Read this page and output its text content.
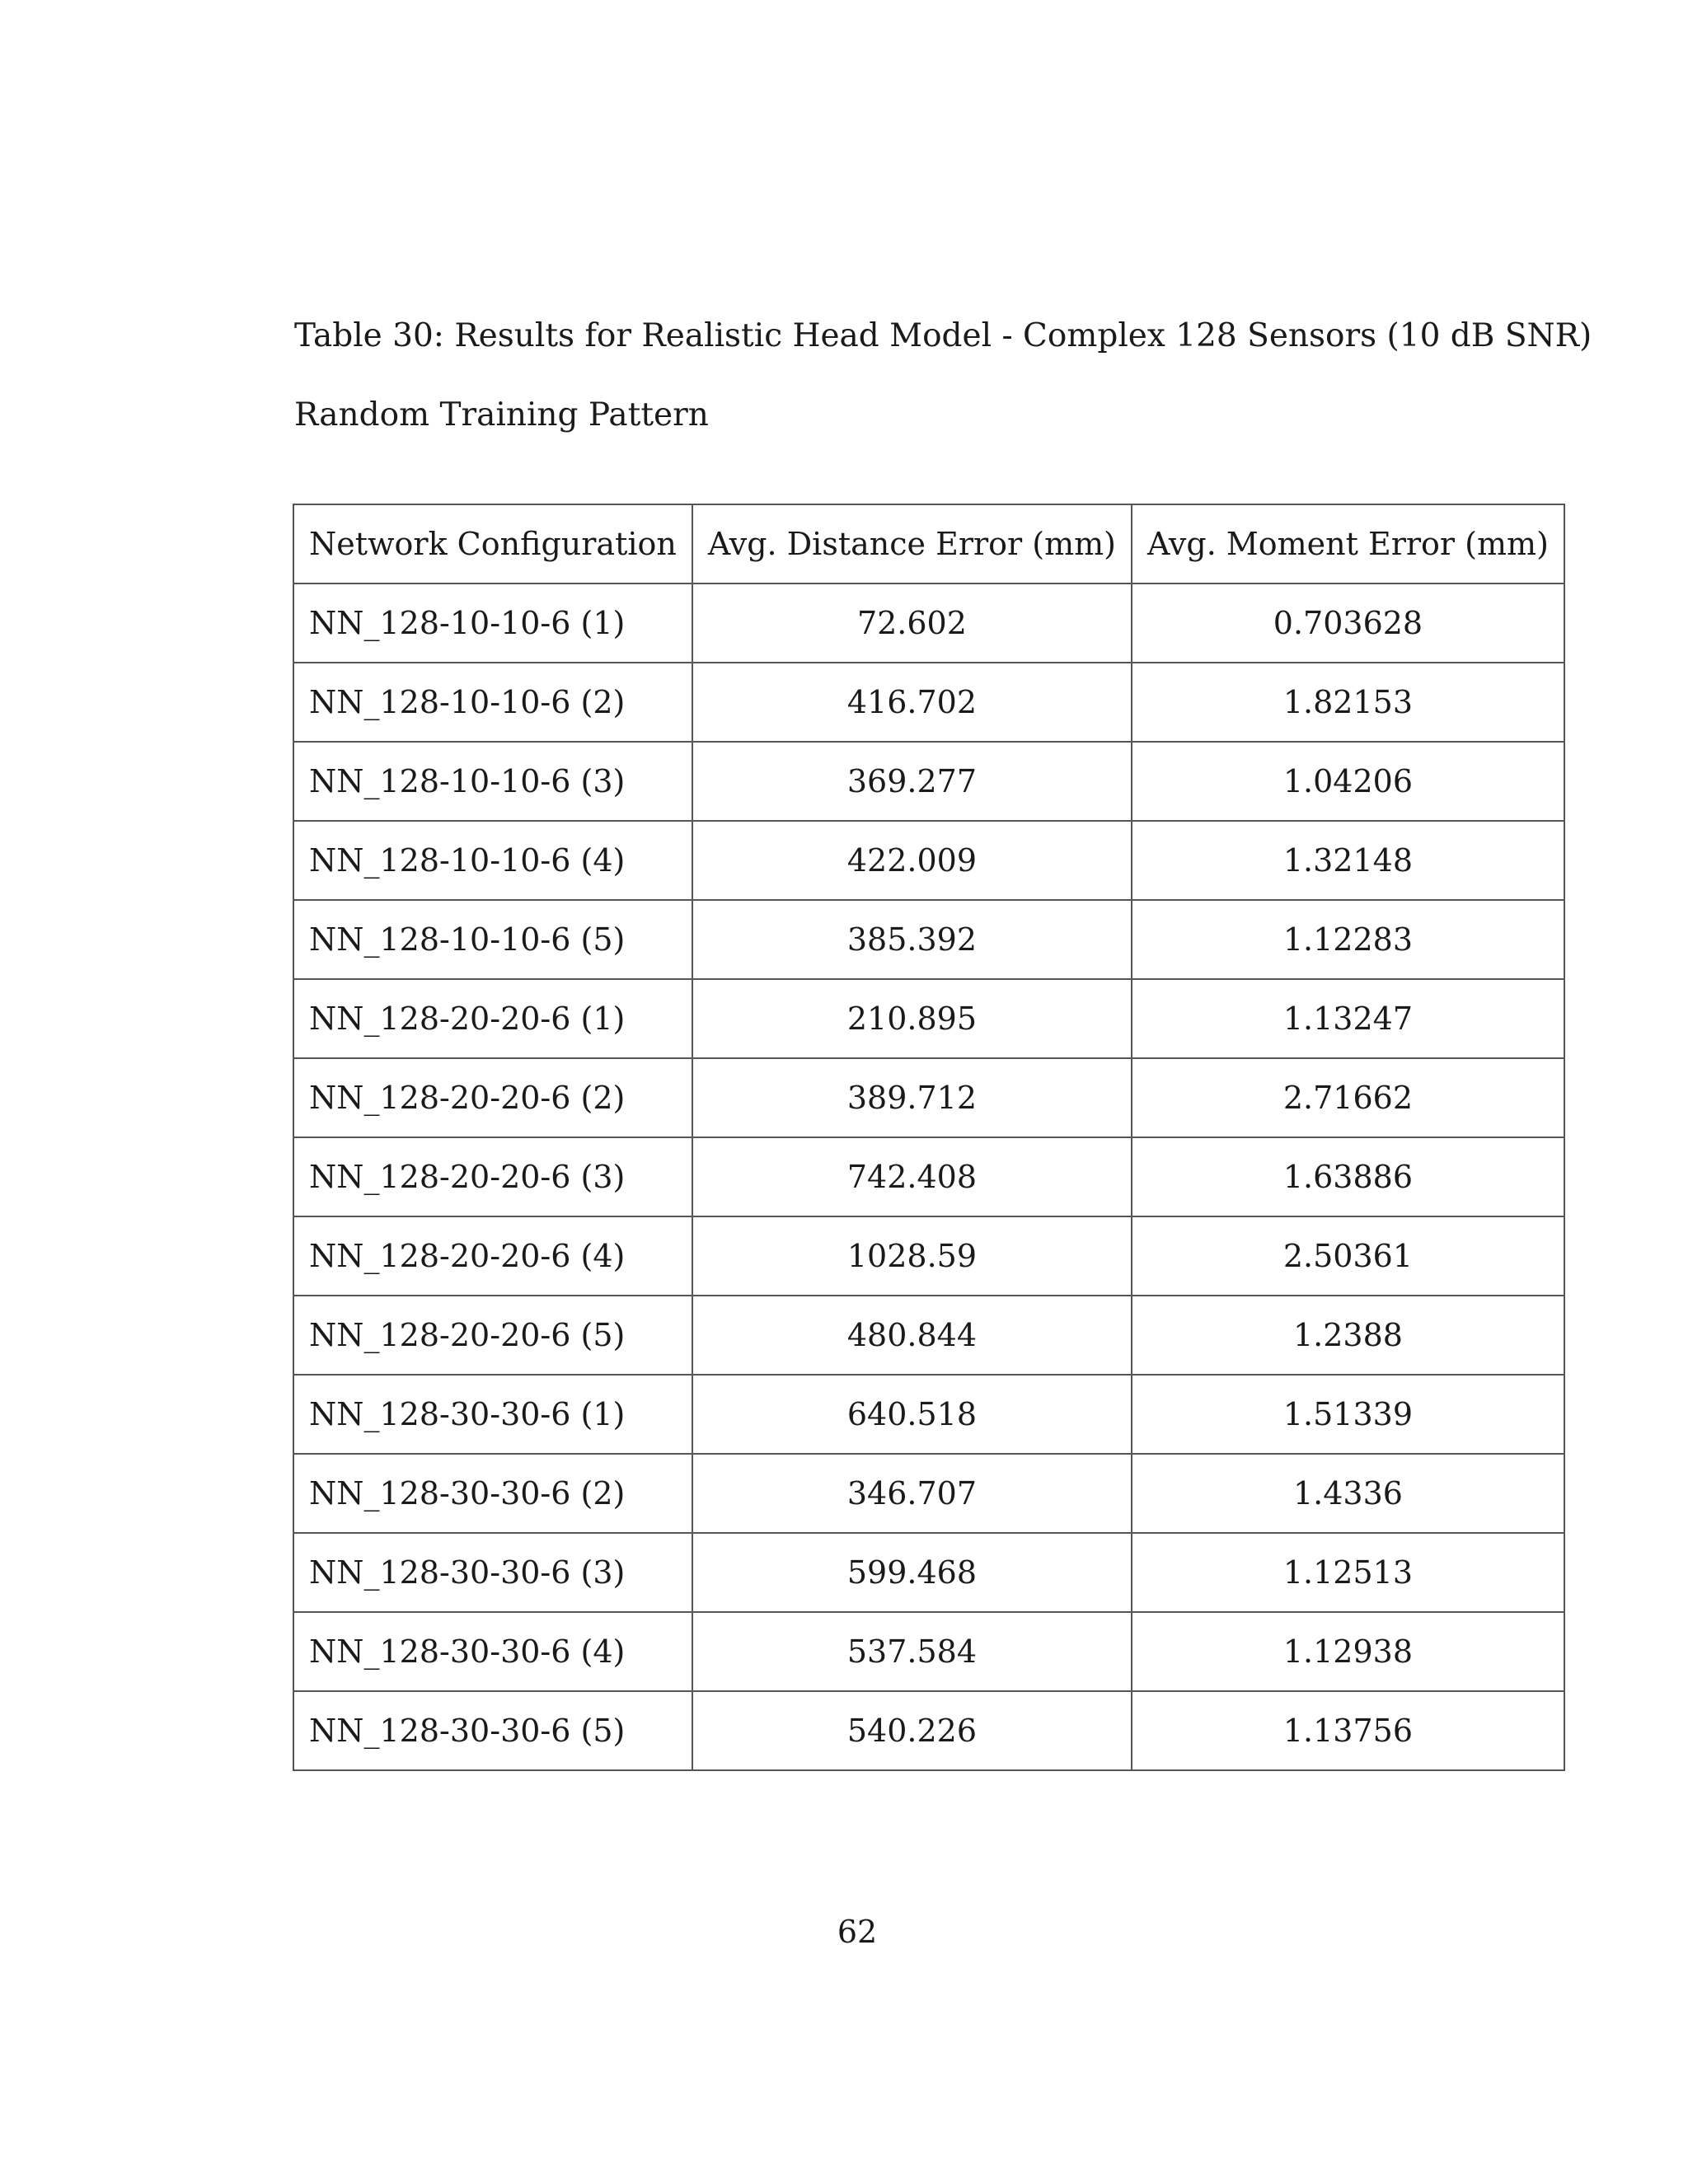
Table 30: Results for Realistic Head Model - Complex 128 Sensors (10 dB SNR)
Random Training Pattern
Network Configuration	Avg. Distance Error (mm)	Avg. Moment Error (mm)
NN_128-10-10-6 (1)	72.602	0.703628
NN_128-10-10-6 (2)	416.702	1.82153
NN_128-10-10-6 (3)	369.277	1.04206
NN_128-10-10-6 (4)	422.009	1.32148
NN_128-10-10-6 (5)	385.392	1.12283
NN_128-20-20-6 (1)	210.895	1.13247
NN_128-20-20-6 (2)	389.712	2.71662
NN_128-20-20-6 (3)	742.408	1.63886
NN_128-20-20-6 (4)	1028.59	2.50361
NN_128-20-20-6 (5)	480.844	1.2388
NN_128-30-30-6 (1)	640.518	1.51339
NN_128-30-30-6 (2)	346.707	1.4336
NN_128-30-30-6 (3)	599.468	1.12513
NN_128-30-30-6 (4)	537.584	1.12938
NN_128-30-30-6 (5)	540.226	1.13756
62
